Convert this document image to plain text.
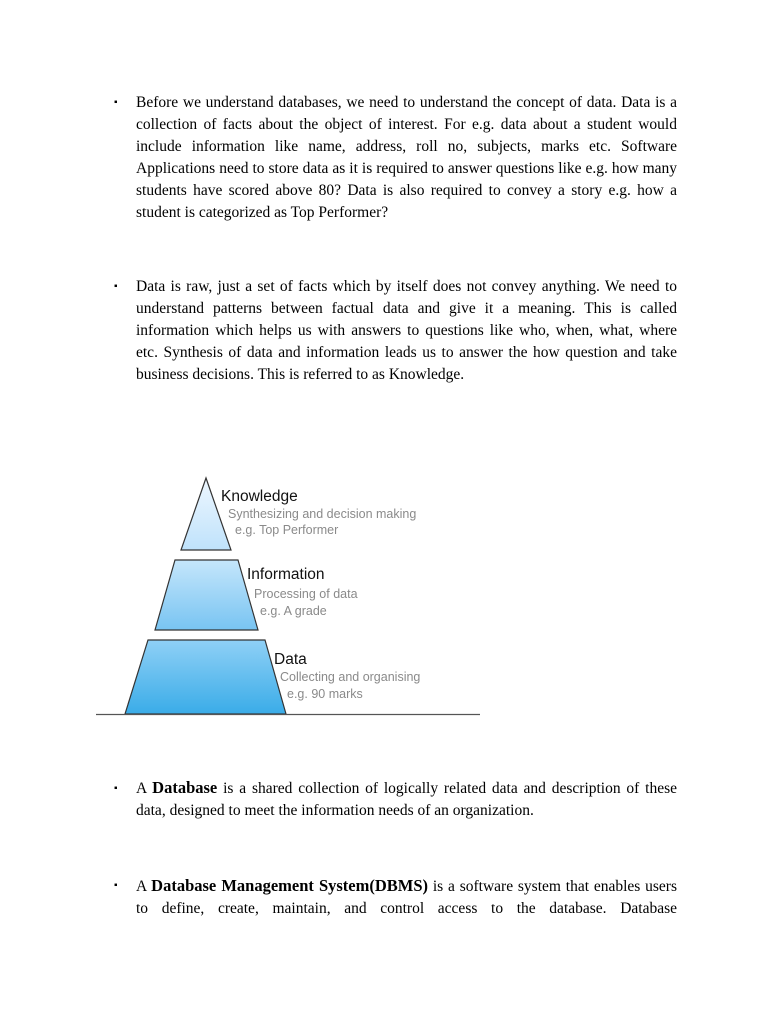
▪ Before we understand databases, we need to understand the concept of data. Data is a collection of facts about the object of interest. For e.g. data about a student would include information like name, address, roll no, subjects, marks etc. Software Applications need to store data as it is required to answer questions like e.g. how many students have scored above 80? Data is also required to convey a story e.g. how a student is categorized as Top Performer?

▪ Data is raw, just a set of facts which by itself does not convey anything. We need to understand patterns between factual data and give it a meaning. This is called information which helps us with answers to questions like who, when, what, where etc. Synthesis of data and information leads us to answer the how question and take business decisions. This is referred to as Knowledge.

Knowledge
Synthesizing and decision making
e.g. Top Performer
Information
Processing of data
e.g. A grade
Data
Collecting and organising
e.g. 90 marks
▪ A Database is a shared collection of logically related data and description of these data, designed to meet the information needs of an organization.

▪ A Database Management System(DBMS) is a software system that enables users to define, create, maintain, and control access to the database. Database
